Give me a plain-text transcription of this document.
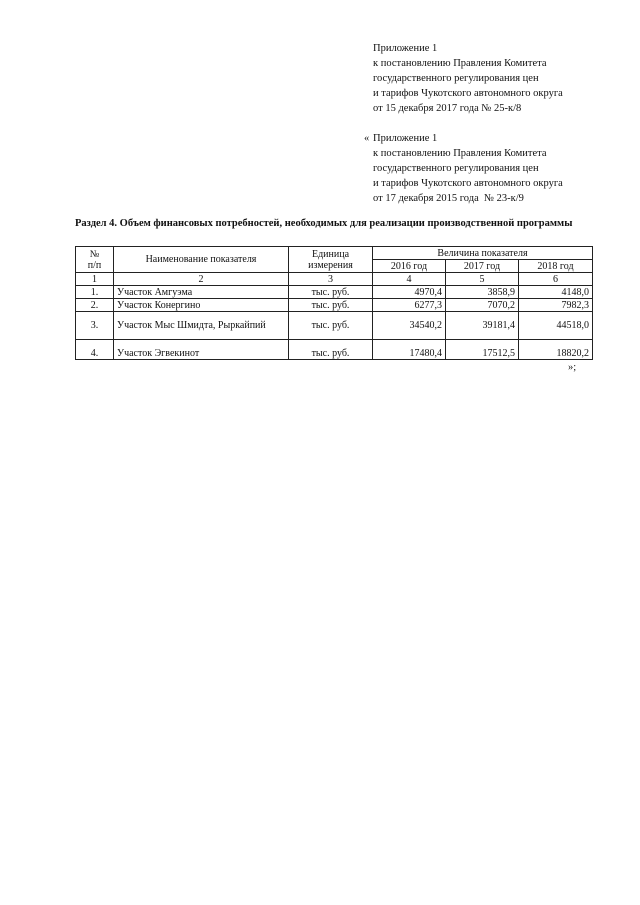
Приложение 1
к постановлению Правления Комитета
государственного регулирования цен
и тарифов Чукотского автономного округа
от 15 декабря 2017 года № 25-к/8
« Приложение 1
к постановлению Правления Комитета
государственного регулирования цен
и тарифов Чукотского автономного округа
от 17 декабря 2015 года  № 23-к/9
Раздел 4. Объем финансовых потребностей, необходимых для реализации производственной программы
№
п/п	Наименование показателя	Единица измерения	Величина показателя		
			2016 год	2017 год	2018 год
1	2	3	4	5	6
1.	Участок Амгуэма	тыс. руб.	4970,4	3858,9	4148,0
2.	Участок Конергино	тыс. руб.	6277,3	7070,2	7982,3
3.	Участок Мыс Шмидта, Рыркайпий	тыс. руб.	34540,2	39181,4	44518,0
4.	Участок Эгвекинот	тыс. руб.	17480,4	17512,5	18820,2
»;
